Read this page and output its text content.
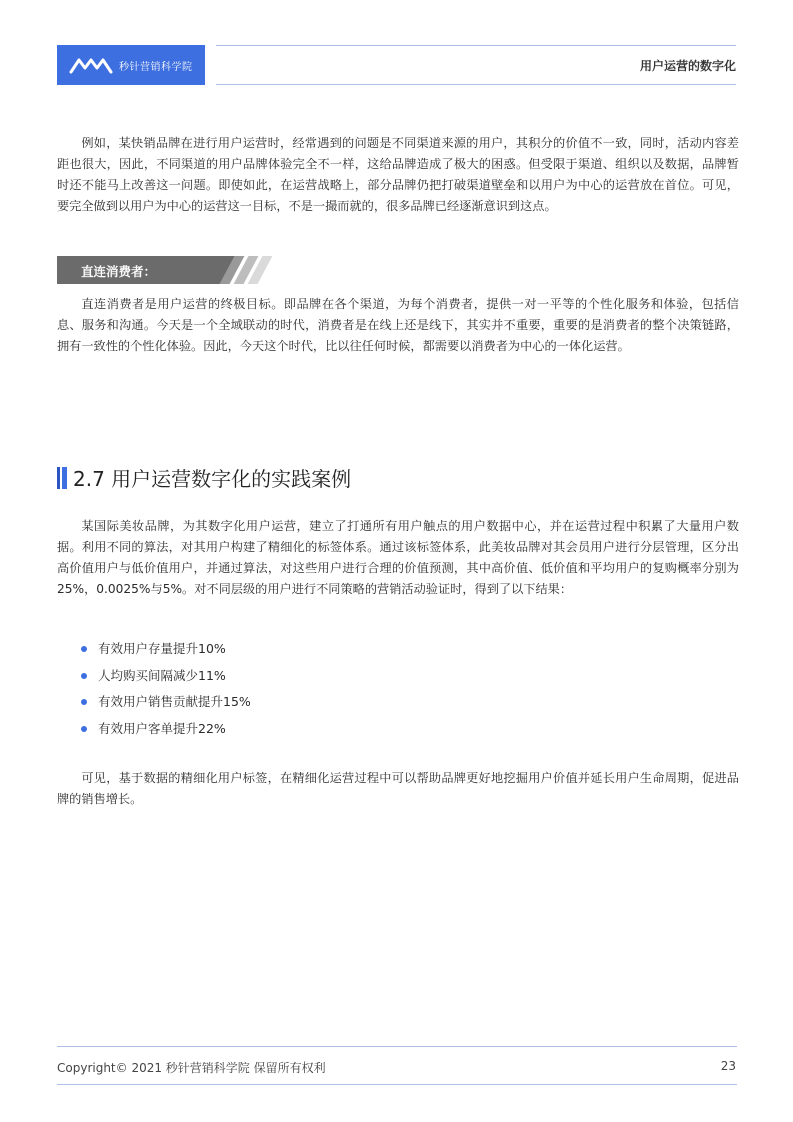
秒针营销科学院	用户运营的数字化

例如，某快销品牌在进行用户运营时，经常遇到的问题是不同渠道来源的用户，其积分的价值不一致，同时，活动内容差距也很大，因此，不同渠道的用户品牌体验完全不一样，这给品牌造成了极大的困惑。但受限于渠道、组织以及数据，品牌暂时还不能马上改善这一问题。即使如此，在运营战略上，部分品牌仍把打破渠道壁垒和以用户为中心的运营放在首位。可见，要完全做到以用户为中心的运营这一目标，不是一撮而就的，很多品牌已经逐渐意识到这点。

直连消费者：

直连消费者是用户运营的终极目标。即品牌在各个渠道，为每个消费者，提供一对一平等的个性化服务和体验，包括信息、服务和沟通。今天是一个全域联动的时代，消费者是在线上还是线下，其实并不重要，重要的是消费者的整个决策链路，拥有一致性的个性化体验。因此，今天这个时代，比以往任何时候，都需要以消费者为中心的一体化运营。

2.7 用户运营数字化的实践案例

某国际美妆品牌，为其数字化用户运营，建立了打通所有用户触点的用户数据中心，并在运营过程中积累了大量用户数据。利用不同的算法，对其用户构建了精细化的标签体系。通过该标签体系，此美妆品牌对其会员用户进行分层管理，区分出高价值用户与低价值用户，并通过算法，对这些用户进行合理的价值预测，其中高价值、低价值和平均用户的复购概率分别为25%，0.0025%与5%。对不同层级的用户进行不同策略的营销活动验证时，得到了以下结果：

有效用户存量提升10%
人均购买间隔减少11%
有效用户销售贡献提升15%
有效用户客单提升22%

可见，基于数据的精细化用户标签，在精细化运营过程中可以帮助品牌更好地挖掘用户价值并延长用户生命周期，促进品牌的销售增长。

Copyright© 2021 秒针营销科学院 保留所有权利	23
